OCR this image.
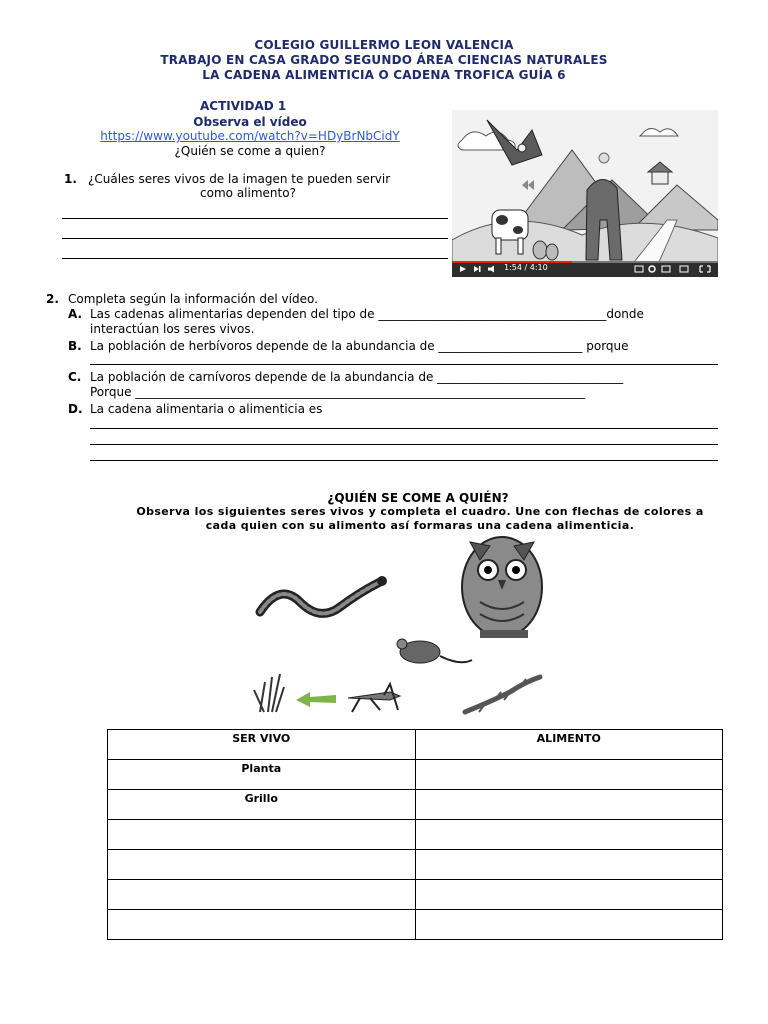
COLEGIO GUILLERMO LEON VALENCIA
TRABAJO EN CASA GRADO SEGUNDO ÁREA CIENCIAS NATURALES
LA CADENA ALIMENTICIA O CADENA TROFICA GUÍA 6
ACTIVIDAD 1
Observa el vídeo
https://www.youtube.com/watch?v=HDyBrNbCidY
¿Quién se come a quien?
1. ¿Cuáles seres vivos de la imagen te pueden servir
como alimento?
1:54 / 4:10
2. Completa según la información del vídeo.
A. Las cadenas alimentarias dependen del tipo de ______________________________________donde
interactúan los seres vivos.
B. La población de herbívoros depende de la abundancia de ________________________ porque
C. La población de carnívoros depende de la abundancia de _______________________________
Porque ___________________________________________________________________________
D. La cadena alimentaria o alimenticia es
¿QUIÉN SE COME A QUIÉN?
Observa los siguientes seres vivos y completa el cuadro. Une con flechas de colores a
cada quien con su alimento así formaras una cadena alimenticia.
SER VIVO	ALIMENTO
Planta	
Grillo	
